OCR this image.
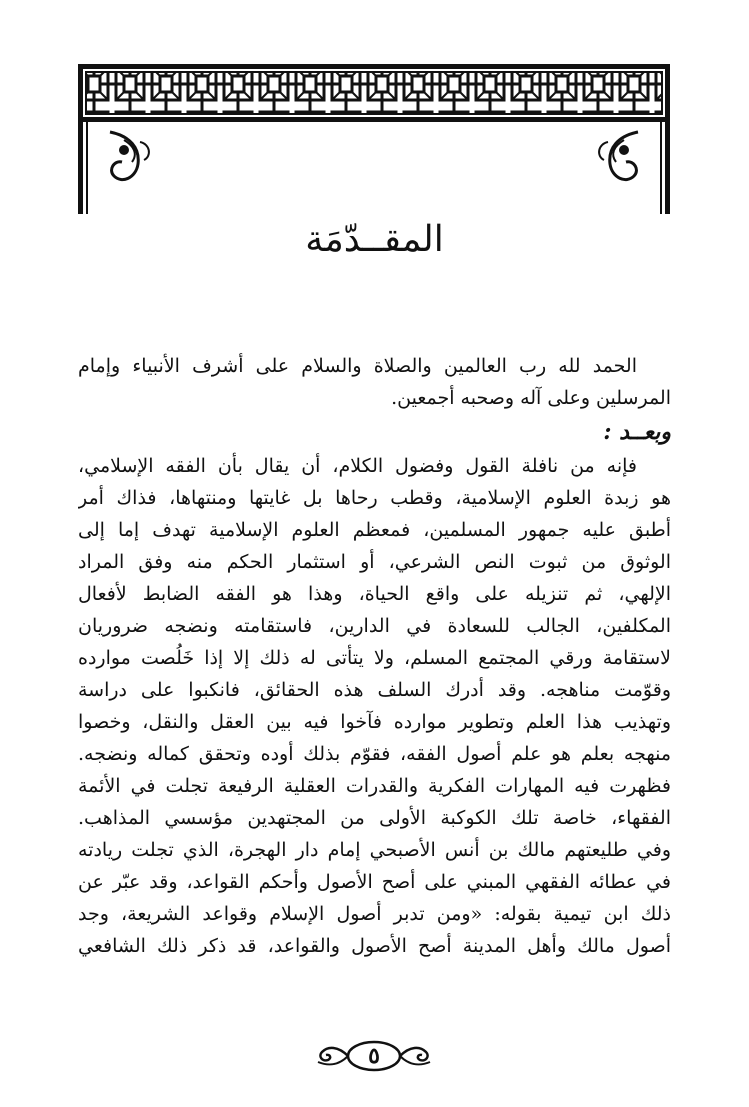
المقــدّمَة
الحمد لله رب العالمين والصلاة والسلام على أشرف الأنبياء وإمام
المرسلين وعلى آله وصحبه أجمعين.
وبعــد :
فإنه من نافلة القول وفضول الكلام، أن يقال بأن الفقه الإسلامي،
هو زبدة العلوم الإسلامية، وقطب رحاها بل غايتها ومنتهاها، فذاك أمر
أطبق عليه جمهور المسلمين، فمعظم العلوم الإسلامية تهدف إما إلى
الوثوق من ثبوت النص الشرعي، أو استثمار الحكم منه وفق المراد
الإلهي، ثم تنزيله على واقع الحياة، وهذا هو الفقه الضابط لأفعال
المكلفين، الجالب للسعادة في الدارين، فاستقامته ونضجه ضروريان
لاستقامة ورقي المجتمع المسلم، ولا يتأتى له ذلك إلا إذا خَلُصت موارده
وقوّمت مناهجه. وقد أدرك السلف هذه الحقائق، فانكبوا على دراسة
وتهذيب هذا العلم وتطوير موارده فآخوا فيه بين العقل والنقل، وخصوا
منهجه بعلم هو علم أصول الفقه، فقوّم بذلك أوده وتحقق كماله ونضجه.
فظهرت فيه المهارات الفكرية والقدرات العقلية الرفيعة تجلت في الأئمة
الفقهاء، خاصة تلك الكوكبة الأولى من المجتهدين مؤسسي المذاهب.
وفي طليعتهم مالك بن أنس الأصبحي إمام دار الهجرة، الذي تجلت ريادته
في عطائه الفقهي المبني على أصح الأصول وأحكم القواعد، وقد عبّر عن
ذلك ابن تيمية بقوله: «ومن تدبر أصول الإسلام وقواعد الشريعة، وجد
أصول مالك وأهل المدينة أصح الأصول والقواعد، قد ذكر ذلك الشافعي
٥
